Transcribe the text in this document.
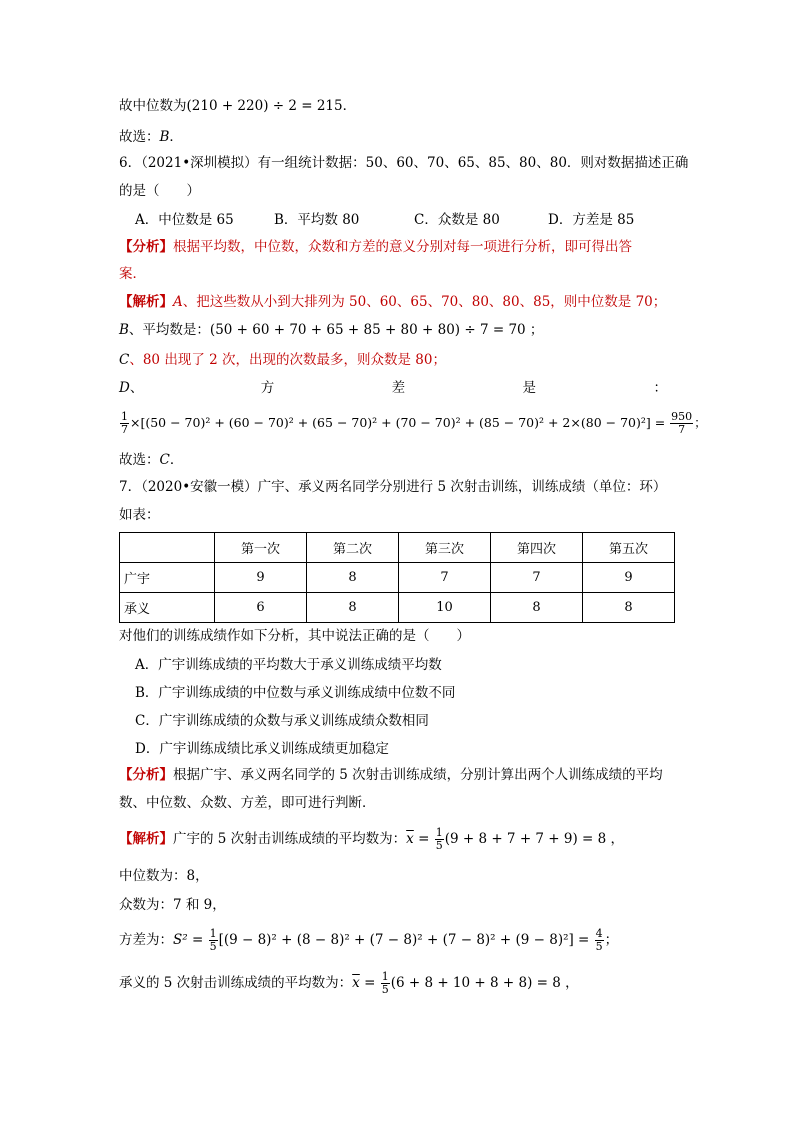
故中位数为(210 + 220) ÷ 2 = 215．
故选：B．
6．（2021•深圳模拟）有一组统计数据：50、60、70、65、85、80、80．则对数据描述正确
的是（　　）
A．中位数是 65	B．平均数 80	C．众数是 80	D．方差是 85
【分析】根据平均数，中位数，众数和方差的意义分别对每一项进行分析，即可得出答
案．
【解析】A、把这些数从小到大排列为 50、60、65、70、80、80、85，则中位数是 70；
B、平均数是：(50 + 60 + 70 + 65 + 85 + 80 + 80) ÷ 7 = 70 ；
C、80 出现了 2 次，出现的次数最多，则众数是 80；
D、	方	差	是	：
$\frac{1}{7} \times[(50 - 70)^2 + (60 - 70)^2 + (65 - 70)^2 + (70 - 70)^2 + (85 - 70)^2 + 2\times(80 - 70)^2] = \frac{950}{7}$ ；
故选：C．
7．（2020•安徽一模）广宇、承义两名同学分别进行 5 次射击训练，训练成绩（单位：环）
如表：
	第一次	第二次	第三次	第四次	第五次
广宇	9	8	7	7	9
承义	6	8	10	8	8
对他们的训练成绩作如下分析，其中说法正确的是（　　）
A．广宇训练成绩的平均数大于承义训练成绩平均数
B．广宇训练成绩的中位数与承义训练成绩中位数不同
C．广宇训练成绩的众数与承义训练成绩众数相同
D．广宇训练成绩比承义训练成绩更加稳定
【分析】根据广宇、承义两名同学的 5 次射击训练成绩，分别计算出两个人训练成绩的平均
数、中位数、众数、方差，即可进行判断．
【解析】广宇的 5 次射击训练成绩的平均数为：$\overline{x} = \frac{1}{5} (9 + 8 + 7 + 7 + 9) = 8$ ，
中位数为：8，
众数为：7 和 9，
方差为：$S^2 = \frac{1}{5} [(9 - 8)^2 + (8 - 8)^2 + (7 - 8)^2 + (7 - 8)^2 + (9 - 8)^2] = \frac{4}{5}$ ；
承义的 5 次射击训练成绩的平均数为：$\overline{x} = \frac{1}{5} (6 + 8 + 10 + 8 + 8) = 8$ ，
